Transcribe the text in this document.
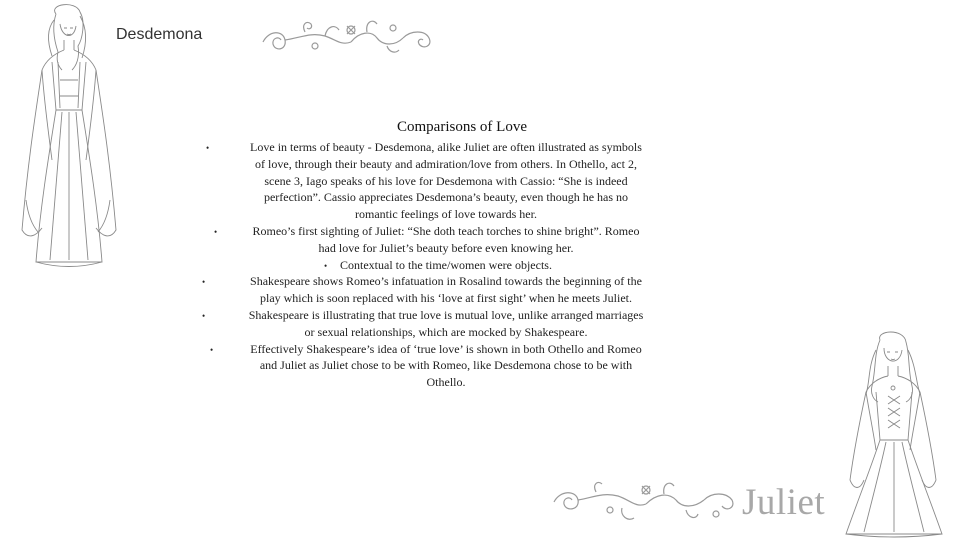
Desdemona
Comparisons of Love
•	Love in terms of beauty - Desdemona, alike Juliet are often illustrated as symbols
of love, through their beauty and admiration/love from others. In Othello, act 2,
scene 3, Iago speaks of his love for Desdemona with Cassio: “She is indeed
perfection”. Cassio appreciates Desdemona’s beauty, even though he has no
romantic feelings of love towards her.
•	Romeo’s first sighting of Juliet: “She doth teach torches to shine bright”. Romeo
had love for Juliet’s beauty before even knowing her.
•	Contextual to the time/women were objects.
•	Shakespeare shows Romeo’s infatuation in Rosalind towards the beginning of the
play which is soon replaced with his ‘love at first sight’ when he meets Juliet.
•	Shakespeare is illustrating that true love is mutual love, unlike arranged marriages
or sexual relationships, which are mocked by Shakespeare.
•	Effectively Shakespeare’s idea of ‘true love’ is shown in both Othello and Romeo
and Juliet as Juliet chose to be with Romeo, like Desdemona chose to be with
Othello.
Juliet
